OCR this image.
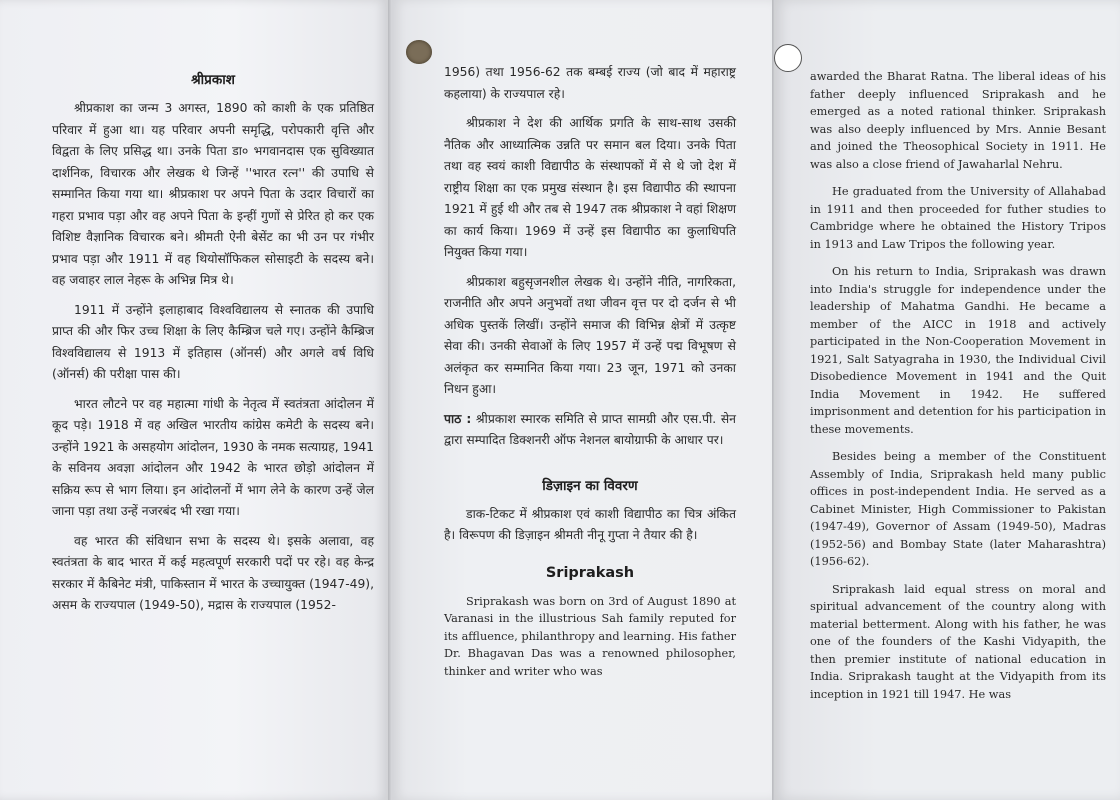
श्रीप्रकाश

श्रीप्रकाश का जन्म 3 अगस्त, 1890 को काशी के एक प्रतिष्ठित परिवार में हुआ था। यह परिवार अपनी समृद्धि, परोपकारी वृत्ति और विद्वता के लिए प्रसिद्ध था। उनके पिता डा० भगवानदास एक सुविख्यात दार्शनिक, विचारक और लेखक थे जिन्हें ''भारत रत्न'' की उपाधि से सम्मानित किया गया था। श्रीप्रकाश पर अपने पिता के उदार विचारों का गहरा प्रभाव पड़ा और वह अपने पिता के इन्हीं गुणों से प्रेरित हो कर एक विशिष्ट वैज्ञानिक विचारक बने। श्रीमती ऐनी बेसेंट का भी उन पर गंभीर प्रभाव पड़ा और 1911 में वह थियोसॉफिकल सोसाइटी के सदस्य बने। वह जवाहर लाल नेहरू के अभिन्न मित्र थे।

1911 में उन्होंने इलाहाबाद विश्वविद्यालय से स्नातक की उपाधि प्राप्त की और फिर उच्च शिक्षा के लिए कैम्ब्रिज चले गए। उन्होंने कैम्ब्रिज विश्वविद्यालय से 1913 में इतिहास (ऑनर्स) और अगले वर्ष विधि (ऑनर्स) की परीक्षा पास की।

भारत लौटने पर वह महात्मा गांधी के नेतृत्व में स्वतंत्रता आंदोलन में कूद पड़े। 1918 में वह अखिल भारतीय कांग्रेस कमेटी के सदस्य बने। उन्होंने 1921 के असहयोग आंदोलन, 1930 के नमक सत्याग्रह, 1941 के सविनय अवज्ञा आंदोलन और 1942 के भारत छोड़ो आंदोलन में सक्रिय रूप से भाग लिया। इन आंदोलनों में भाग लेने के कारण उन्हें जेल जाना पड़ा तथा उन्हें नजरबंद भी रखा गया।

वह भारत की संविधान सभा के सदस्य थे। इसके अलावा, वह स्वतंत्रता के बाद भारत में कई महत्वपूर्ण सरकारी पदों पर रहे। वह केन्द्र सरकार में कैबिनेट मंत्री, पाकिस्तान में भारत के उच्चायुक्त (1947-49), असम के राज्यपाल (1949-50), मद्रास के राज्यपाल (1952-

1956) तथा 1956-62 तक बम्बई राज्य (जो बाद में महाराष्ट्र कहलाया) के राज्यपाल रहे।

श्रीप्रकाश ने देश की आर्थिक प्रगति के साथ-साथ उसकी नैतिक और आध्यात्मिक उन्नति पर समान बल दिया। उनके पिता तथा वह स्वयं काशी विद्यापीठ के संस्थापकों में से थे जो देश में राष्ट्रीय शिक्षा का एक प्रमुख संस्थान है। इस विद्यापीठ की स्थापना 1921 में हुई थी और तब से 1947 तक श्रीप्रकाश ने वहां शिक्षण का कार्य किया। 1969 में उन्हें इस विद्यापीठ का कुलाधिपति नियुक्त किया गया।

श्रीप्रकाश बहुसृजनशील लेखक थे। उन्होंने नीति, नागरिकता, राजनीति और अपने अनुभवों तथा जीवन वृत्त पर दो दर्जन से भी अधिक पुस्तकें लिखीं। उन्होंने समाज की विभिन्न क्षेत्रों में उत्कृष्ट सेवा की। उनकी सेवाओं के लिए 1957 में उन्हें पद्म विभूषण से अलंकृत कर सम्मानित किया गया। 23 जून, 1971 को उनका निधन हुआ।

पाठ : श्रीप्रकाश स्मारक समिति से प्राप्त सामग्री और एस.पी. सेन द्वारा सम्पादित डिक्शनरी ऑफ नेशनल बायोग्राफी के आधार पर।

डिज़ाइन का विवरण

डाक-टिकट में श्रीप्रकाश एवं काशी विद्यापीठ का चित्र अंकित है। विरूपण की डिज़ाइन श्रीमती नीनू गुप्ता ने तैयार की है।

Sriprakash

Sriprakash was born on 3rd of August 1890 at Varanasi in the illustrious Sah family reputed for its affluence, philanthropy and learning. His father Dr. Bhagavan Das was a renowned philosopher, thinker and writer who was

awarded the Bharat Ratna. The liberal ideas of his father deeply influenced Sriprakash and he emerged as a noted rational thinker. Sriprakash was also deeply influenced by Mrs. Annie Besant and joined the Theosophical Society in 1911. He was also a close friend of Jawaharlal Nehru.

He graduated from the University of Allahabad in 1911 and then proceeded for futher studies to Cambridge where he obtained the History Tripos in 1913 and Law Tripos the following year.

On his return to India, Sriprakash was drawn into India's struggle for independence under the leadership of Mahatma Gandhi. He became a member of the AICC in 1918 and actively participated in the Non-Cooperation Movement in 1921, Salt Satyagraha in 1930, the Individual Civil Disobedience Movement in 1941 and the Quit India Movement in 1942. He suffered imprisonment and detention for his participation in these movements.

Besides being a member of the Constituent Assembly of India, Sriprakash held many public offices in post-independent India. He served as a Cabinet Minister, High Commissioner to Pakistan (1947-49), Governor of Assam (1949-50), Madras (1952-56) and Bombay State (later Maharashtra) (1956-62).

Sriprakash laid equal stress on moral and spiritual advancement of the country along with material betterment. Along with his father, he was one of the founders of the Kashi Vidyapith, the then premier institute of national education in India. Sriprakash taught at the Vidyapith from its inception in 1921 till 1947. He was
